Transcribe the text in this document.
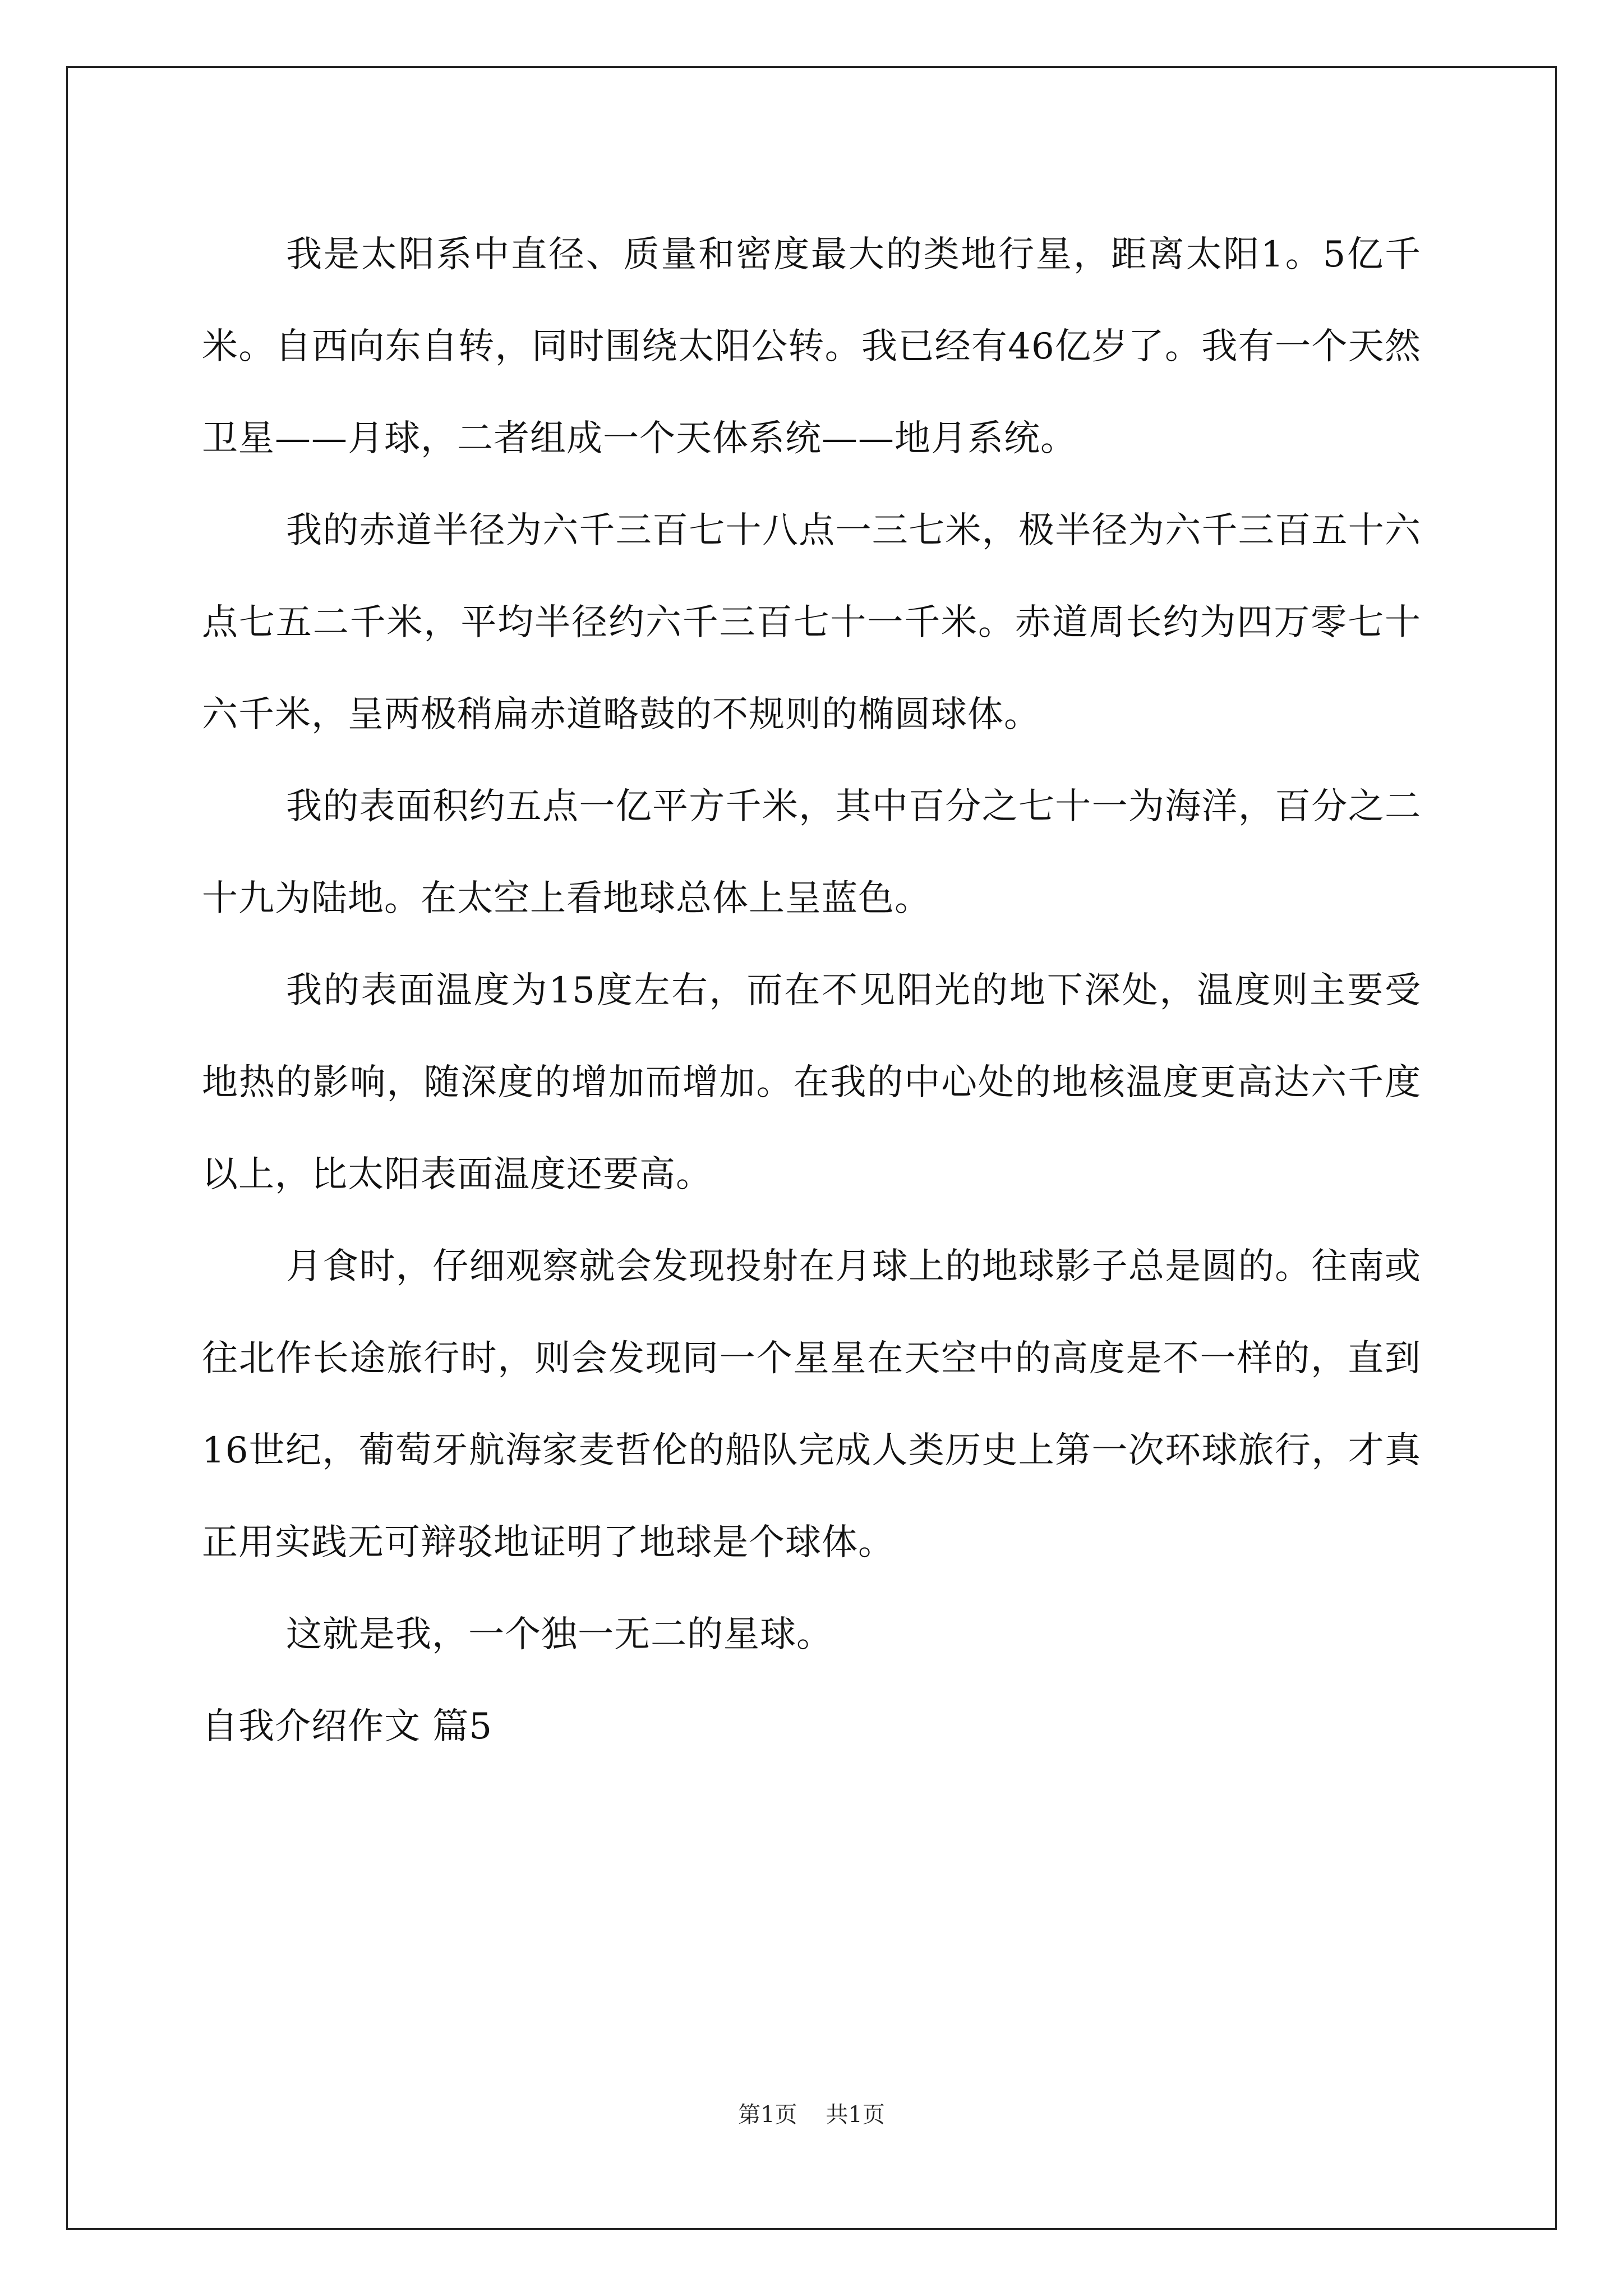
我是太阳系中直径、质量和密度最大的类地行星，距离太阳1。5亿千米。自西向东自转，同时围绕太阳公转。我已经有46亿岁了。我有一个天然卫星——月球，二者组成一个天体系统——地月系统。

我的赤道半径为六千三百七十八点一三七米，极半径为六千三百五十六点七五二千米，平均半径约六千三百七十一千米。赤道周长约为四万零七十六千米，呈两极稍扁赤道略鼓的不规则的椭圆球体。

我的表面积约五点一亿平方千米，其中百分之七十一为海洋，百分之二十九为陆地。在太空上看地球总体上呈蓝色。

我的表面温度为15度左右，而在不见阳光的地下深处，温度则主要受地热的影响，随深度的增加而增加。在我的中心处的地核温度更高达六千度以上，比太阳表面温度还要高。

月食时，仔细观察就会发现投射在月球上的地球影子总是圆的。往南或往北作长途旅行时，则会发现同一个星星在天空中的高度是不一样的，直到16世纪，葡萄牙航海家麦哲伦的船队完成人类历史上第一次环球旅行，才真正用实践无可辩驳地证明了地球是个球体。

这就是我，一个独一无二的星球。

自我介绍作文 篇5

第1页 共1页
